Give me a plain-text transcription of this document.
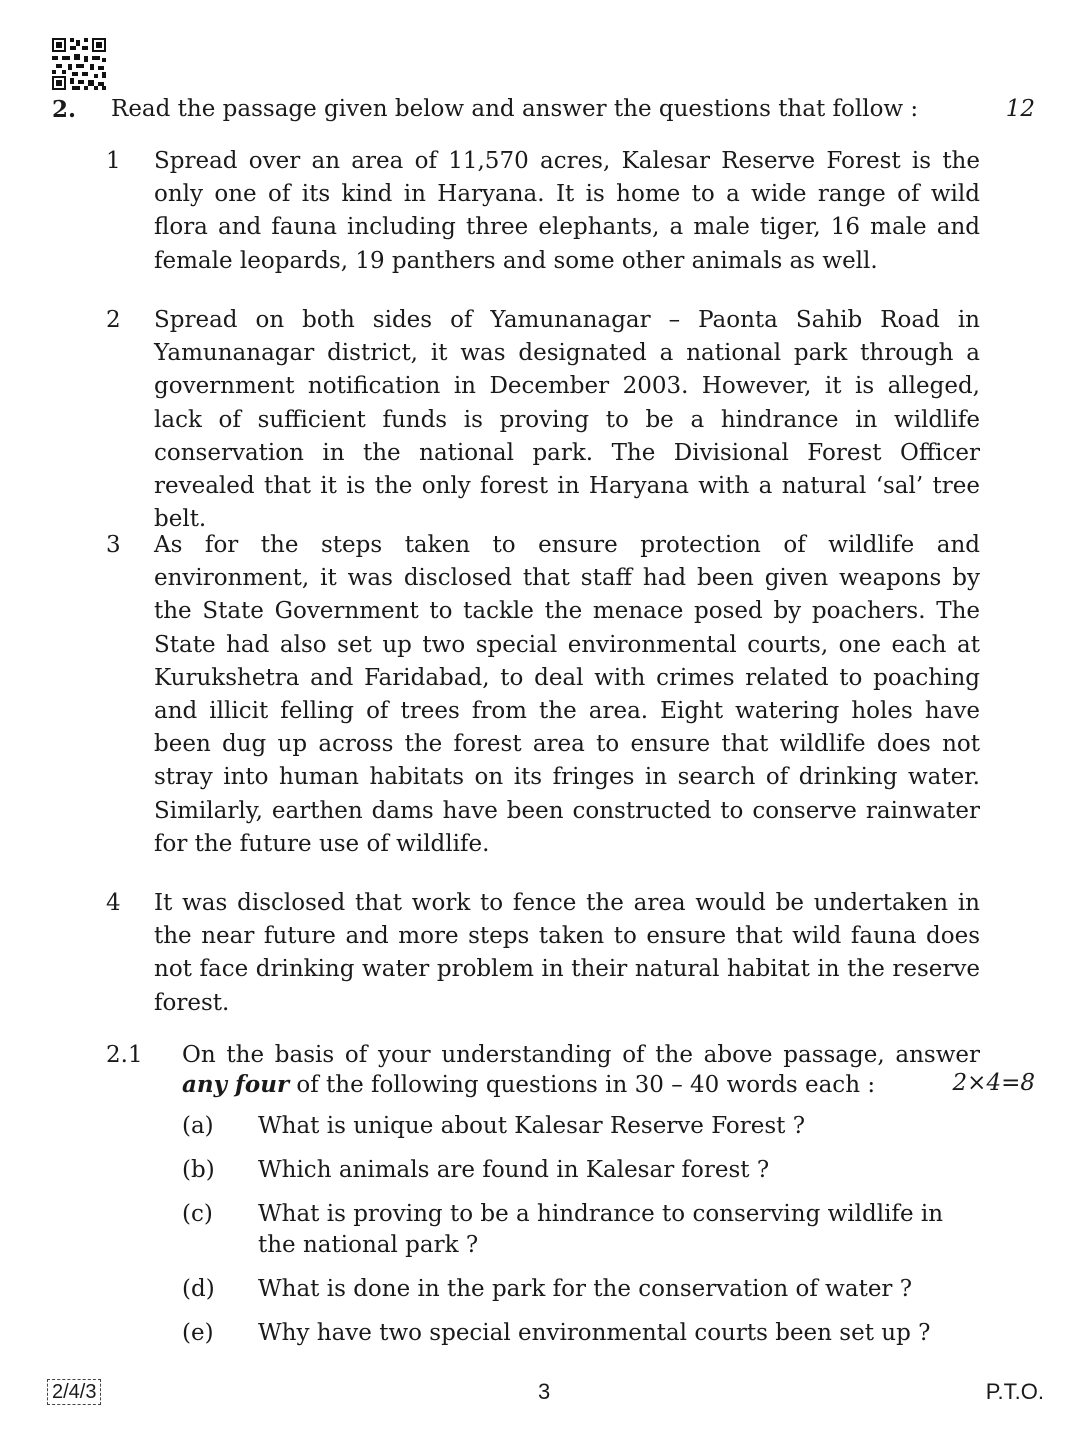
2. Read the passage given below and answer the questions that follow :	12
1	Spread over an area of 11,570 acres, Kalesar Reserve Forest is the only one of its kind in Haryana. It is home to a wide range of wild flora and fauna including three elephants, a male tiger, 16 male and female leopards, 19 panthers and some other animals as well.
2	Spread on both sides of Yamunanagar – Paonta Sahib Road in Yamunanagar district, it was designated a national park through a government notification in December 2003. However, it is alleged, lack of sufficient funds is proving to be a hindrance in wildlife conservation in the national park. The Divisional Forest Officer revealed that it is the only forest in Haryana with a natural ‘sal’ tree belt.
3	As for the steps taken to ensure protection of wildlife and environment, it was disclosed that staff had been given weapons by the State Government to tackle the menace posed by poachers. The State had also set up two special environmental courts, one each at Kurukshetra and Faridabad, to deal with crimes related to poaching and illicit felling of trees from the area. Eight watering holes have been dug up across the forest area to ensure that wildlife does not stray into human habitats on its fringes in search of drinking water. Similarly, earthen dams have been constructed to conserve rainwater for the future use of wildlife.
4	It was disclosed that work to fence the area would be undertaken in the near future and more steps taken to ensure that wild fauna does not face drinking water problem in their natural habitat in the reserve forest.
2.1 On the basis of your understanding of the above passage, answer any four of the following questions in 30 – 40 words each :	2×4=8
(a) What is unique about Kalesar Reserve Forest ?
(b) Which animals are found in Kalesar forest ?
(c) What is proving to be a hindrance to conserving wildlife in the national park ?
(d) What is done in the park for the conservation of water ?
(e) Why have two special environmental courts been set up ?
2/4/3	3	P.T.O.
